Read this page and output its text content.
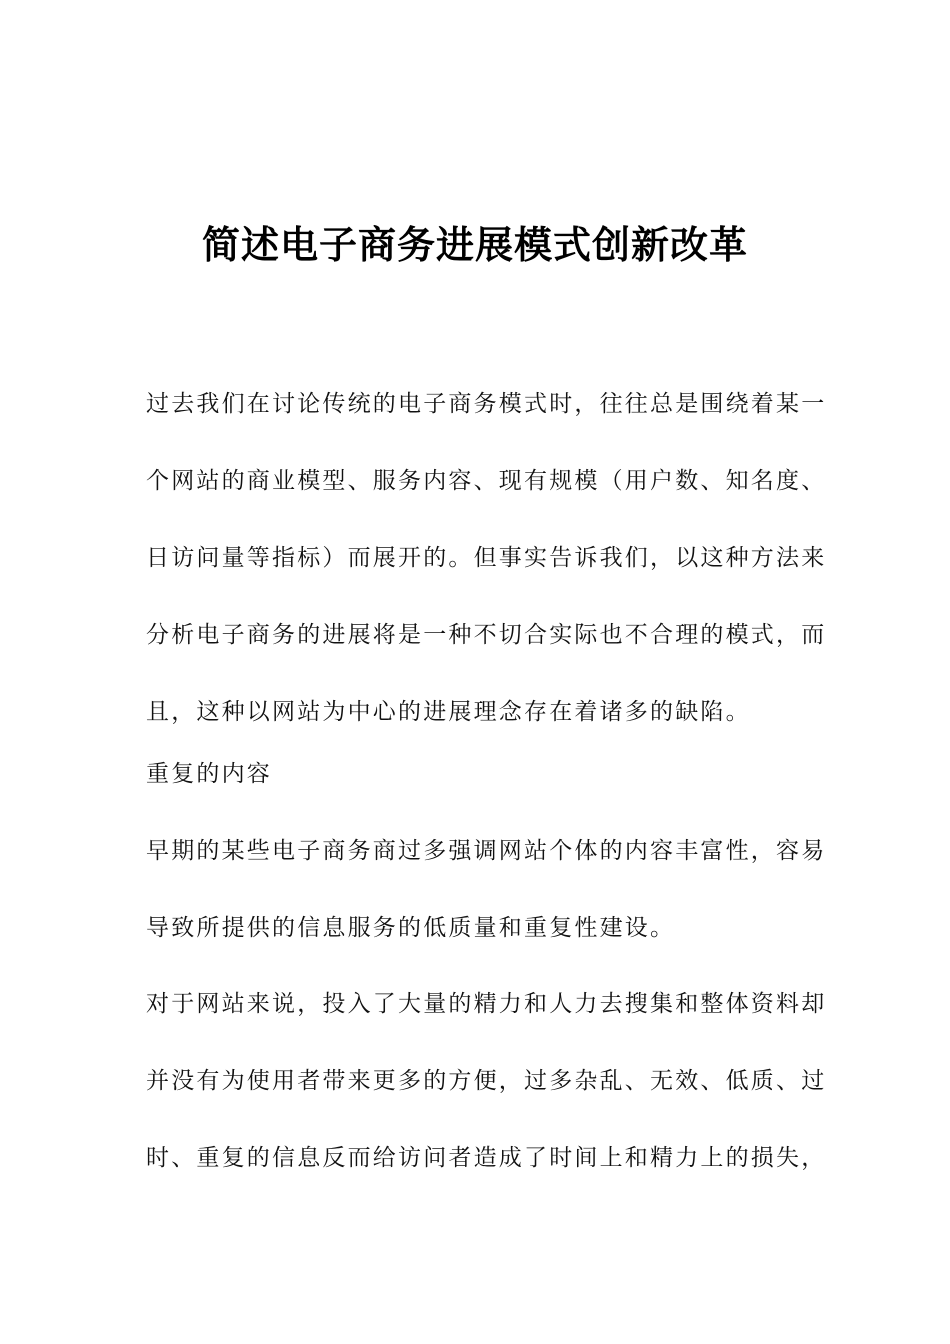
简述电子商务进展模式创新改革
过去我们在讨论传统的电子商务模式时，往往总是围绕着某一
个网站的商业模型、服务内容、现有规模（用户数、知名度、
日访问量等指标）而展开的。但事实告诉我们，以这种方法来
分析电子商务的进展将是一种不切合实际也不合理的模式，而
且，这种以网站为中心的进展理念存在着诸多的缺陷。
重复的内容
早期的某些电子商务商过多强调网站个体的内容丰富性，容易
导致所提供的信息服务的低质量和重复性建设。
对于网站来说，投入了大量的精力和人力去搜集和整体资料却
并没有为使用者带来更多的方便，过多杂乱、无效、低质、过
时、重复的信息反而给访问者造成了时间上和精力上的损失，
